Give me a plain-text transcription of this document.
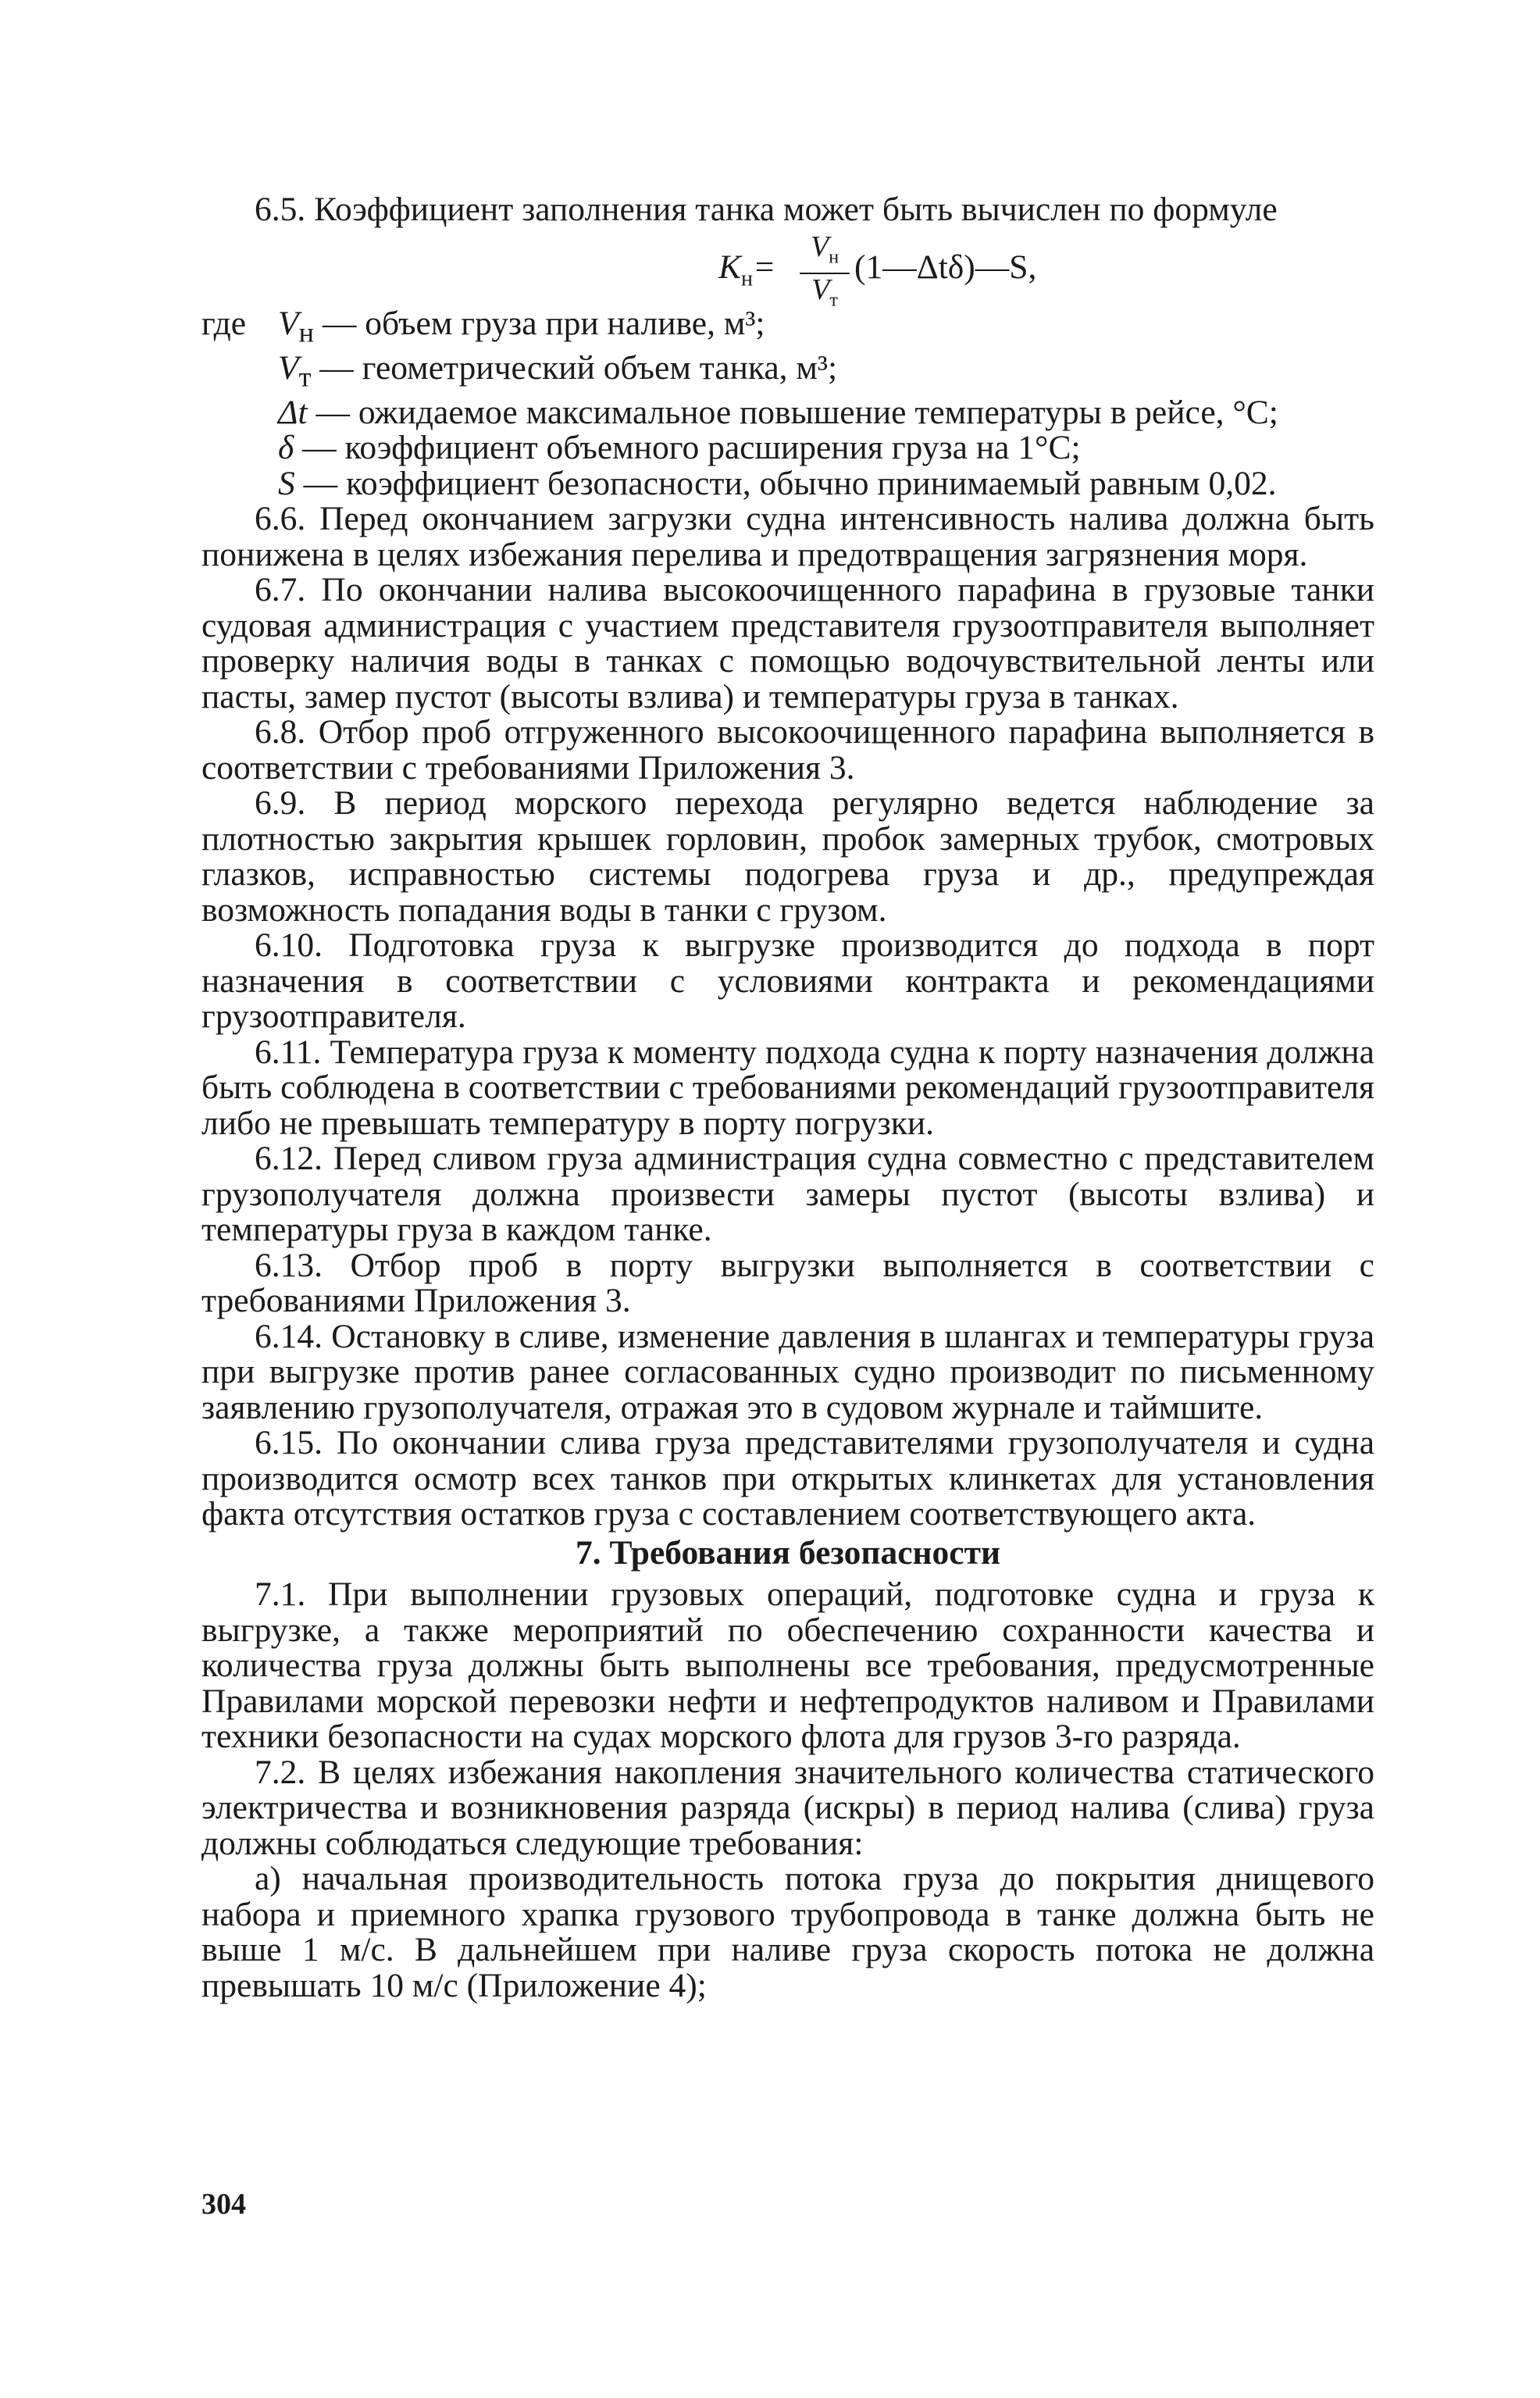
6.5. Коэффициент заполнения танка может быть вычислен по формуле

$K_н=$
$V_н$
$V_т$
(1—Δtδ)—S,
где $V_н$ — объем груза при наливе, м³;
$V_т$ — геометрический объем танка, м³;
Δt — ожидаемое максимальное повышение температуры в рейсе, °С;
δ — коэффициент объемного расширения груза на 1°С;
S — коэффициент безопасности, обычно принимаемый равным 0,02.

6.6. Перед окончанием загрузки судна интенсивность налива должна быть понижена в целях избежания перелива и предотвращения загрязнения моря.

6.7. По окончании налива высокоочищенного парафина в грузовые танки судовая администрация с участием представителя грузоотправителя выполняет проверку наличия воды в танках с помощью водочувствительной ленты или пасты, замер пустот (высоты взлива) и температуры груза в танках.

6.8. Отбор проб отгруженного высокоочищенного парафина выполняется в соответствии с требованиями Приложения 3.

6.9. В период морского перехода регулярно ведется наблюдение за плотностью закрытия крышек горловин, пробок замерных трубок, смотровых глазков, исправностью системы подогрева груза и др., предупреждая возможность попадания воды в танки с грузом.

6.10. Подготовка груза к выгрузке производится до подхода в порт назначения в соответствии с условиями контракта и рекомендациями грузоотправителя.

6.11. Температура груза к моменту подхода судна к порту назначения должна быть соблюдена в соответствии с требованиями рекомендаций грузоотправителя либо не превышать температуру в порту погрузки.

6.12. Перед сливом груза администрация судна совместно с представителем грузополучателя должна произвести замеры пустот (высоты взлива) и температуры груза в каждом танке.

6.13. Отбор проб в порту выгрузки выполняется в соответствии с требованиями Приложения 3.

6.14. Остановку в сливе, изменение давления в шлангах и температуры груза при выгрузке против ранее согласованных судно производит по письменному заявлению грузополучателя, отражая это в судовом журнале и таймшите.

6.15. По окончании слива груза представителями грузополучателя и судна производится осмотр всех танков при открытых клинкетах для установления факта отсутствия остатков груза с составлением соответствующего акта.

7. Требования безопасности

7.1. При выполнении грузовых операций, подготовке судна и груза к выгрузке, а также мероприятий по обеспечению сохранности качества и количества груза должны быть выполнены все требования, предусмотренные Правилами морской перевозки нефти и нефтепродуктов наливом и Правилами техники безопасности на судах морского флота для грузов 3-го разряда.

7.2. В целях избежания накопления значительного количества статического электричества и возникновения разряда (искры) в период налива (слива) груза должны соблюдаться следующие требования:

а) начальная производительность потока груза до покрытия днищевого набора и приемного храпка грузового трубопровода в танке должна быть не выше 1 м/с. В дальнейшем при наливе груза скорость потока не должна превышать 10 м/с (Приложение 4);

304
